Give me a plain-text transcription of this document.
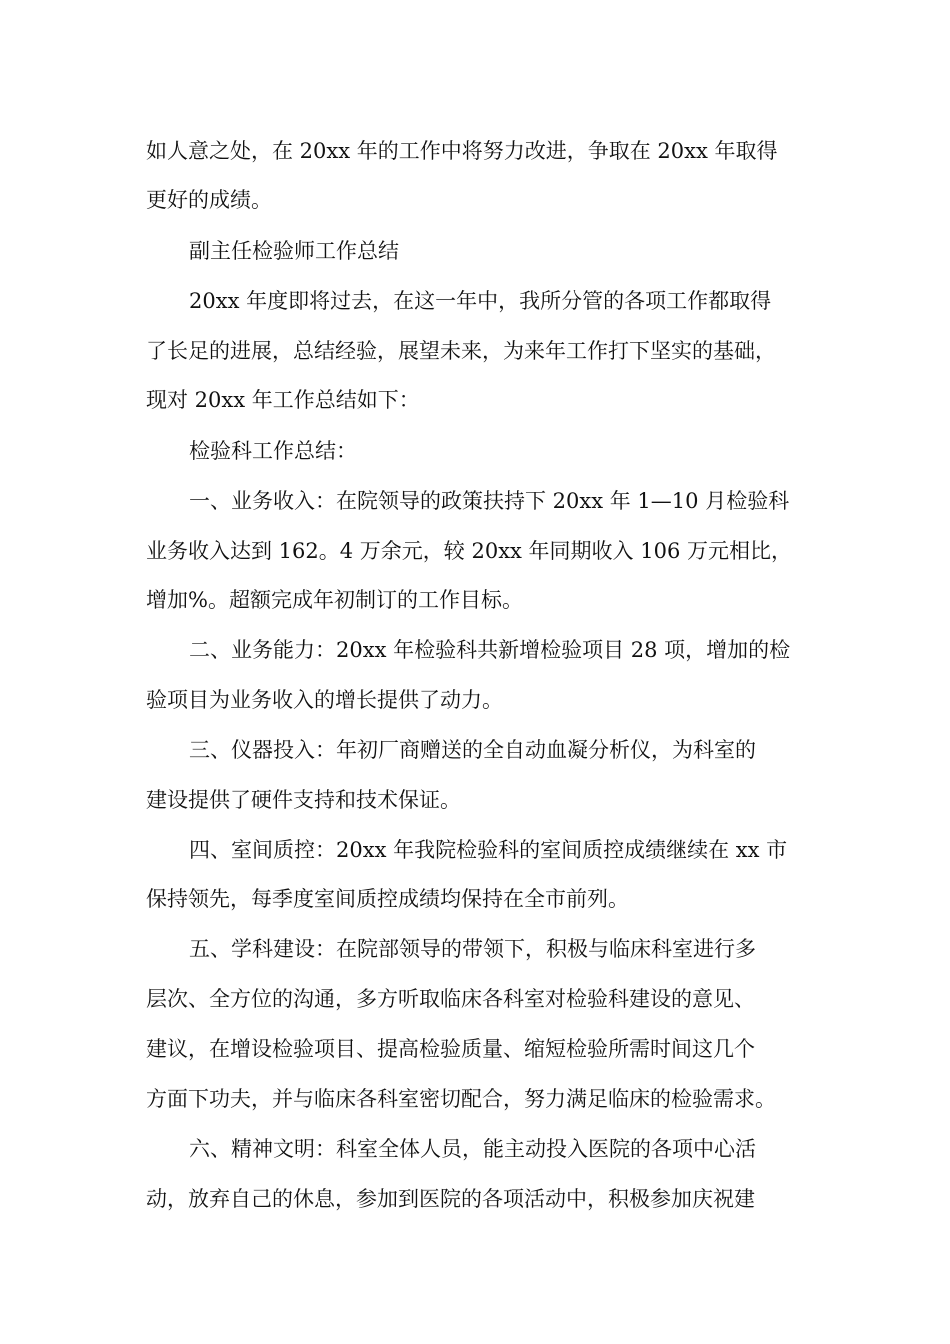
如人意之处，在 20xx 年的工作中将努力改进，争取在 20xx 年取得
更好的成绩。
副主任检验师工作总结
20xx 年度即将过去，在这一年中，我所分管的各项工作都取得
了长足的进展，总结经验，展望未来，为来年工作打下坚实的基础，
现对 20xx 年工作总结如下：
检验科工作总结：
一、业务收入：在院领导的政策扶持下 20xx 年 1—10 月检验科
业务收入达到 162。4 万余元，较 20xx 年同期收入 106 万元相比，
增加%。超额完成年初制订的工作目标。
二、业务能力：20xx 年检验科共新增检验项目 28 项，增加的检
验项目为业务收入的增长提供了动力。
三、仪器投入：年初厂商赠送的全自动血凝分析仪，为科室的
建设提供了硬件支持和技术保证。
四、室间质控：20xx 年我院检验科的室间质控成绩继续在 xx 市
保持领先，每季度室间质控成绩均保持在全市前列。
五、学科建设：在院部领导的带领下，积极与临床科室进行多
层次、全方位的沟通，多方听取临床各科室对检验科建设的意见、
建议，在增设检验项目、提高检验质量、缩短检验所需时间这几个
方面下功夫，并与临床各科室密切配合，努力满足临床的检验需求。
六、精神文明：科室全体人员，能主动投入医院的各项中心活
动，放弃自己的休息，参加到医院的各项活动中，积极参加庆祝建
